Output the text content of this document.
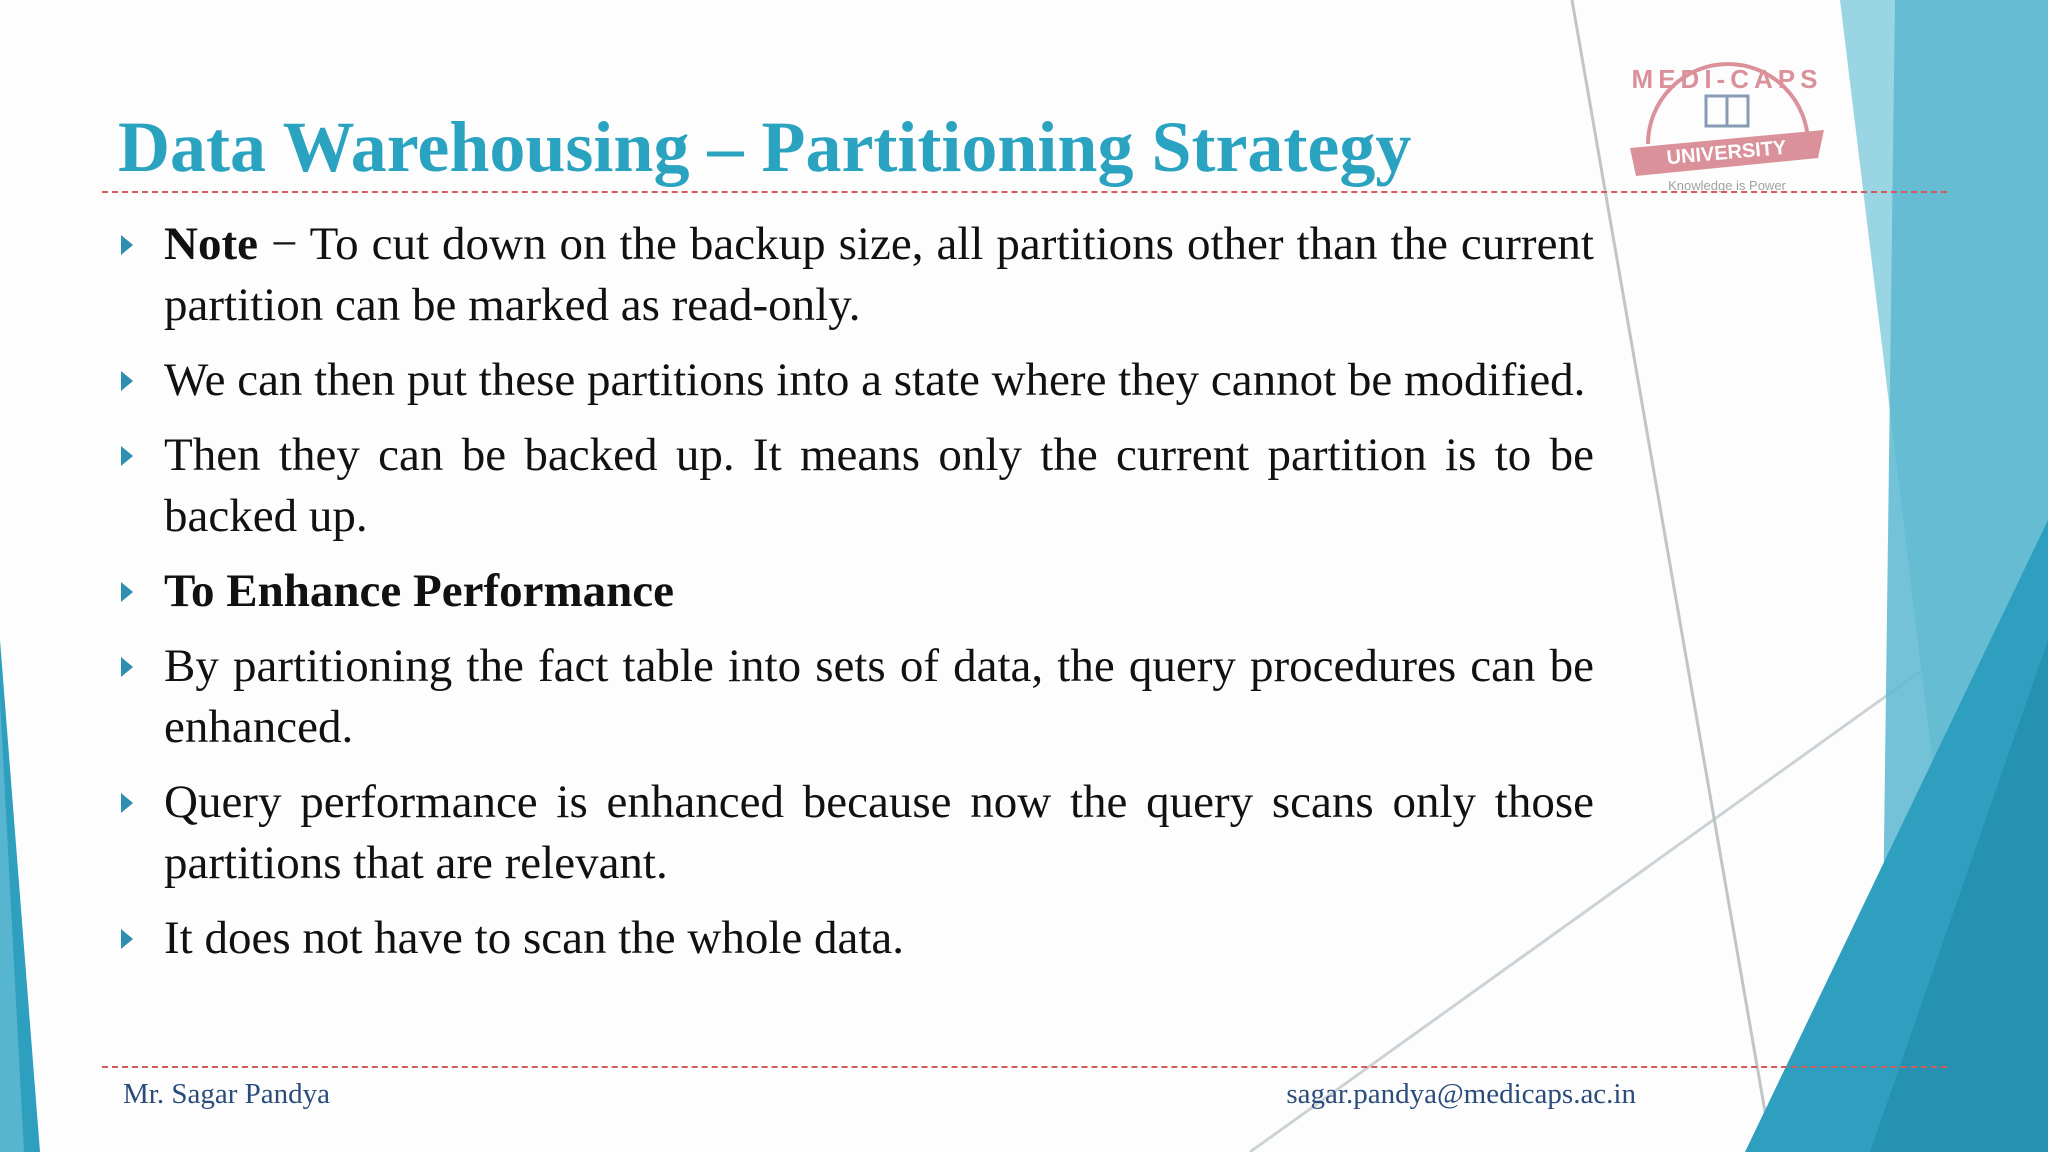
MEDI-CAPS
UNIVERSITY
Knowledge is Power
Data Warehousing – Partitioning Strategy
Note − To cut down on the backup size, all partitions other than the current partition can be marked as read-only.
We can then put these partitions into a state where they cannot be modified.
Then they can be backed up. It means only the current partition is to be backed up.
To Enhance Performance
By partitioning the fact table into sets of data, the query procedures can be enhanced.
Query performance is enhanced because now the query scans only those partitions that are relevant.
It does not have to scan the whole data.
Mr. Sagar Pandya	sagar.pandya@medicaps.ac.in
